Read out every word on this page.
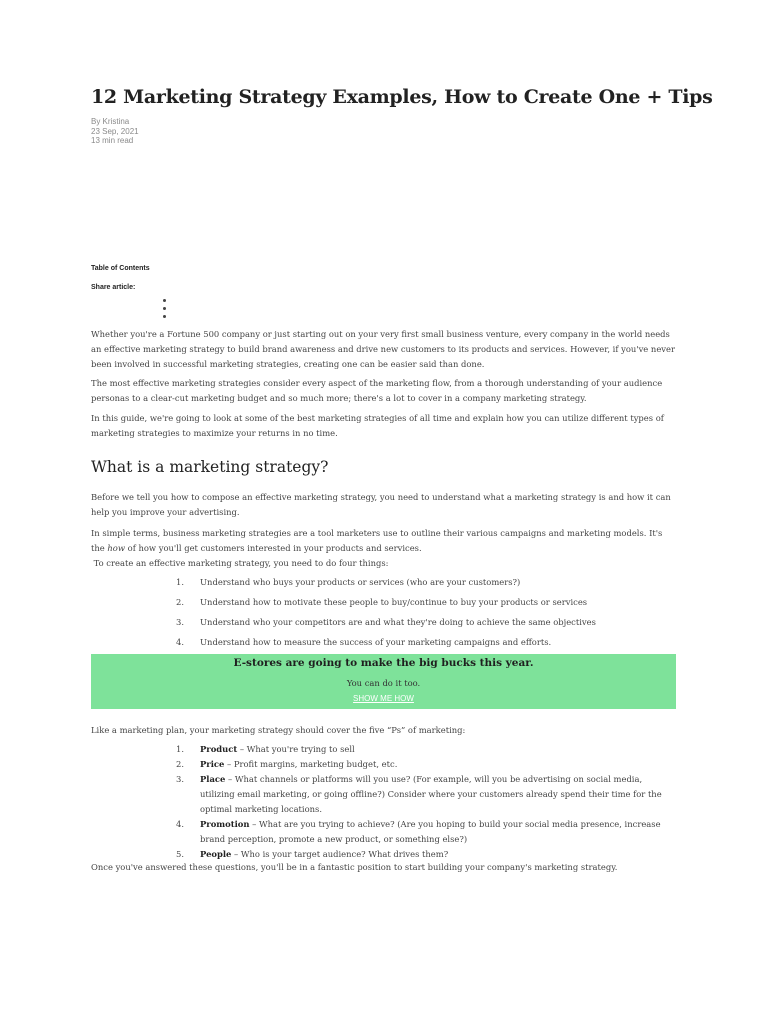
12 Marketing Strategy Examples, How to Create One + Tips
By Kristina
23 Sep, 2021
13 min read
Table of Contents
Share article:

Whether you're a Fortune 500 company or just starting out on your very first small business venture, every company in the world needs an effective marketing strategy to build brand awareness and drive new customers to its products and services. However, if you've never been involved in successful marketing strategies, creating one can be easier said than done.

The most effective marketing strategies consider every aspect of the marketing flow, from a thorough understanding of your audience personas to a clear-cut marketing budget and so much more; there's a lot to cover in a company marketing strategy.

In this guide, we're going to look at some of the best marketing strategies of all time and explain how you can utilize different types of marketing strategies to maximize your returns in no time.

What is a marketing strategy?

Before we tell you how to compose an effective marketing strategy, you need to understand what a marketing strategy is and how it can help you improve your advertising.

In simple terms, business marketing strategies are a tool marketers use to outline their various campaigns and marketing models. It's the how of how you'll get customers interested in your products and services.

To create an effective marketing strategy, you need to do four things:

1. Understand who buys your products or services (who are your customers?)
2. Understand how to motivate these people to buy/continue to buy your products or services
3. Understand who your competitors are and what they're doing to achieve the same objectives
4. Understand how to measure the success of your marketing campaigns and efforts.
E-stores are going to make the big bucks this year.
You can do it too.
SHOW ME HOW

Like a marketing plan, your marketing strategy should cover the five “Ps” of marketing:

1. Product – What you're trying to sell
2. Price – Profit margins, marketing budget, etc.
3. Place – What channels or platforms will you use? (For example, will you be advertising on social media, utilizing email marketing, or going offline?) Consider where your customers already spend their time for the optimal marketing locations.
4. Promotion – What are you trying to achieve? (Are you hoping to build your social media presence, increase brand perception, promote a new product, or something else?)
5. People – Who is your target audience? What drives them?

Once you've answered these questions, you'll be in a fantastic position to start building your company's marketing strategy.
